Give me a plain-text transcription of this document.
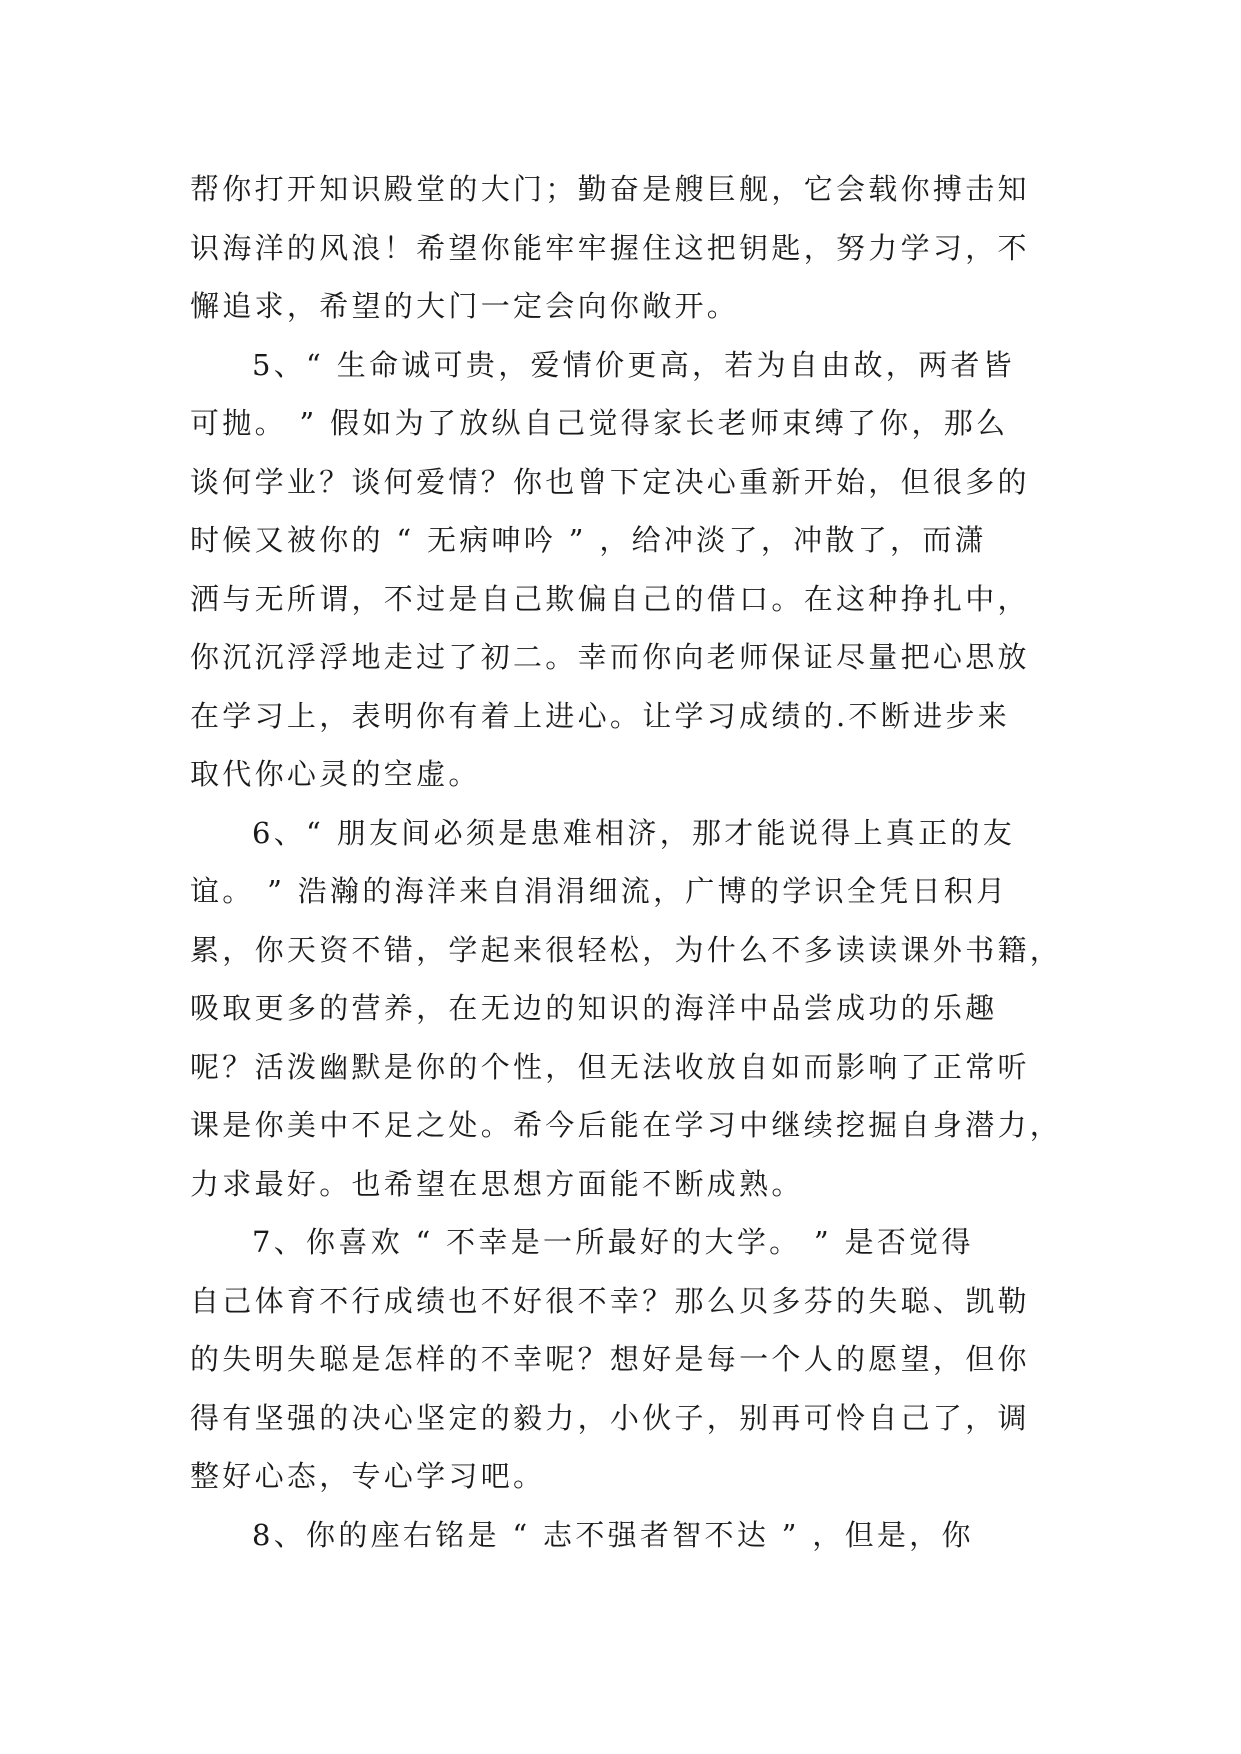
帮你打开知识殿堂的大门；勤奋是艘巨舰，它会载你搏击知
识海洋的风浪！希望你能牢牢握住这把钥匙，努力学习，不
懈追求，希望的大门一定会向你敞开。
5、“ 生命诚可贵，爱情价更高，若为自由故，两者皆
可抛。 ” 假如为了放纵自己觉得家长老师束缚了你，那么
谈何学业？谈何爱情？你也曾下定决心重新开始，但很多的
时候又被你的 “ 无病呻吟 ” ，给冲淡了，冲散了，而潇
洒与无所谓，不过是自己欺偏自己的借口。在这种挣扎中，
你沉沉浮浮地走过了初二。幸而你向老师保证尽量把心思放
在学习上，表明你有着上进心。让学习成绩的.不断进步来
取代你心灵的空虚。
6、“ 朋友间必须是患难相济，那才能说得上真正的友
谊。 ” 浩瀚的海洋来自涓涓细流，广博的学识全凭日积月
累，你天资不错，学起来很轻松，为什么不多读读课外书籍，
吸取更多的营养，在无边的知识的海洋中品尝成功的乐趣
呢？活泼幽默是你的个性，但无法收放自如而影响了正常听
课是你美中不足之处。希今后能在学习中继续挖掘自身潜力，
力求最好。也希望在思想方面能不断成熟。
7、你喜欢 “ 不幸是一所最好的大学。 ” 是否觉得
自己体育不行成绩也不好很不幸？那么贝多芬的失聪、凯勒
的失明失聪是怎样的不幸呢？想好是每一个人的愿望，但你
得有坚强的决心坚定的毅力，小伙子，别再可怜自己了，调
整好心态，专心学习吧。
8、你的座右铭是 “ 志不强者智不达 ” ，但是，你
